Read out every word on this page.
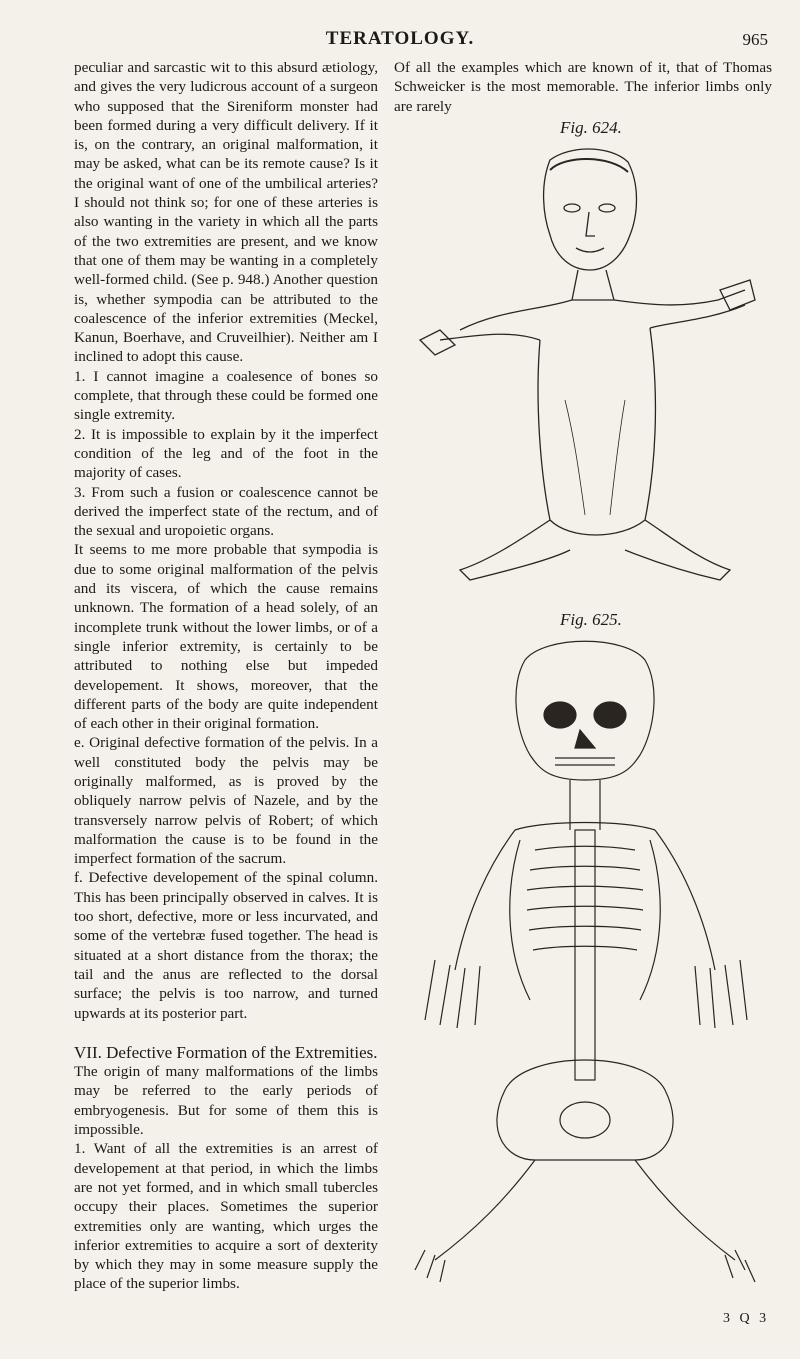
TERATOLOGY.	965

peculiar and sarcastic wit to this absurd ætiology, and gives the very ludicrous account of a surgeon who supposed that the Sireniform monster had been formed during a very difficult delivery. If it is, on the contrary, an original malformation, it may be asked, what can be its remote cause? Is it the original want of one of the umbilical arteries? I should not think so; for one of these arteries is also wanting in the variety in which all the parts of the two extremities are present, and we know that one of them may be wanting in a completely well-formed child. (See p. 948.) Another question is, whether sympodia can be attributed to the coalescence of the inferior extremities (Meckel, Kanun, Boerhave, and Cruveilhier). Neither am I inclined to adopt this cause.

1. I cannot imagine a coalesence of bones so complete, that through these could be formed one single extremity.

2. It is impossible to explain by it the imperfect condition of the leg and of the foot in the majority of cases.

3. From such a fusion or coalescence cannot be derived the imperfect state of the rectum, and of the sexual and uropoietic organs.

It seems to me more probable that sympodia is due to some original malformation of the pelvis and its viscera, of which the cause remains unknown. The formation of a head solely, of an incomplete trunk without the lower limbs, or of a single inferior extremity, is certainly to be attributed to nothing else but impeded developement. It shows, moreover, that the different parts of the body are quite independent of each other in their original formation.

e. Original defective formation of the pelvis. In a well constituted body the pelvis may be originally malformed, as is proved by the obliquely narrow pelvis of Nazele, and by the transversely narrow pelvis of Robert; of which malformation the cause is to be found in the imperfect formation of the sacrum.

f. Defective developement of the spinal column. This has been principally observed in calves. It is too short, defective, more or less incurvated, and some of the vertebræ fused together. The head is situated at a short distance from the thorax; the tail and the anus are reflected to the dorsal surface; the pelvis is too narrow, and turned upwards at its posterior part.

VII. Defective Formation of the Extremities.

The origin of many malformations of the limbs may be referred to the early periods of embryogenesis. But for some of them this is impossible.

1. Want of all the extremities is an arrest of developement at that period, in which the limbs are not yet formed, and in which small tubercles occupy their places. Sometimes the superior extremities only are wanting, which urges the inferior extremities to acquire a sort of dexterity by which they may in some measure supply the place of the superior limbs.

Of all the examples which are known of it, that of Thomas Schweicker is the most memorable. The inferior limbs only are rarely

Fig. 624.
Fig. 625.
3 Q 3
